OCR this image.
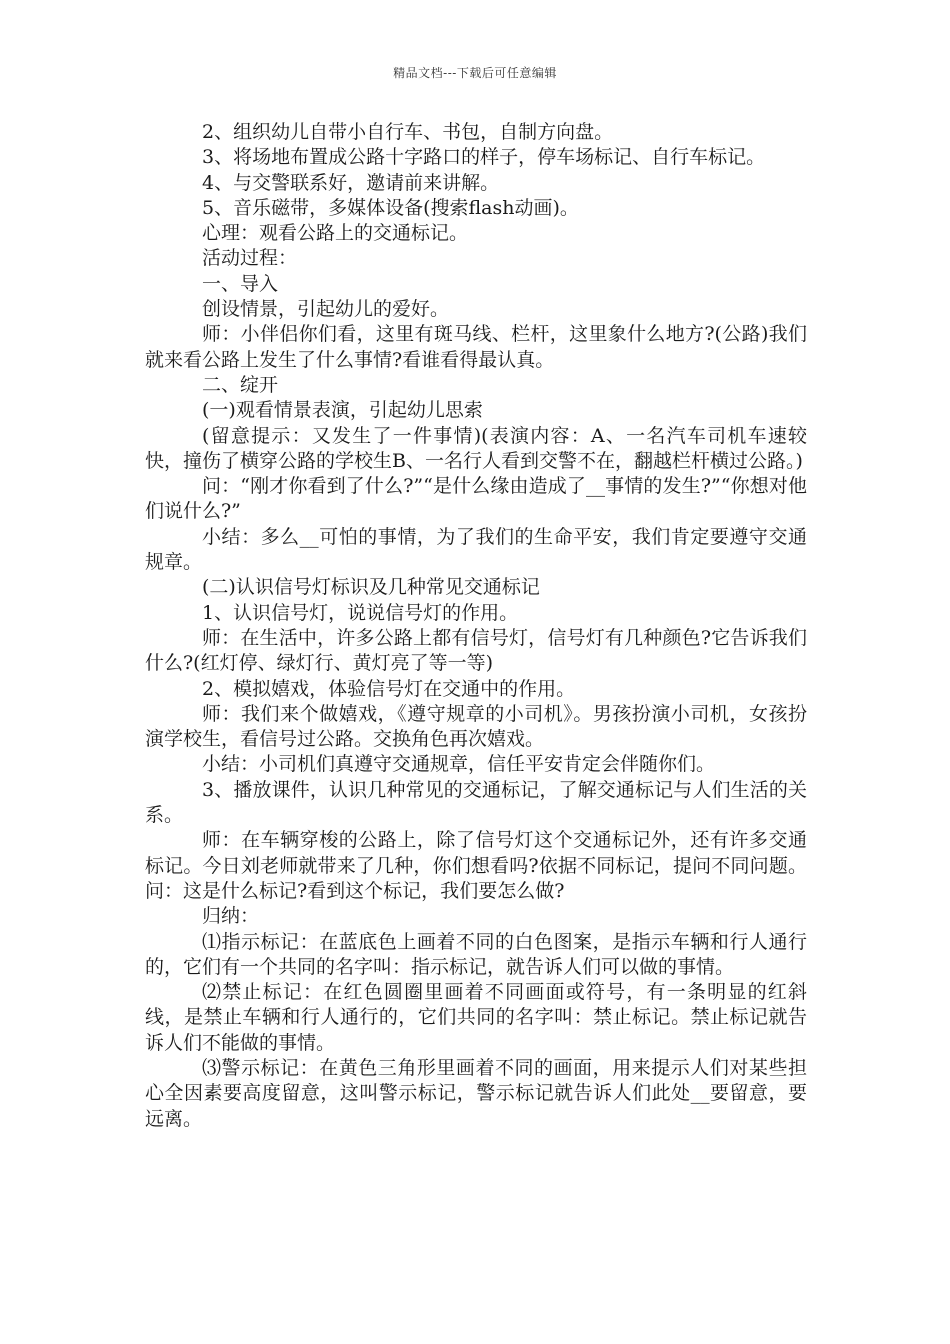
精品文档---下载后可任意编辑

2、组织幼儿自带小自行车、书包，自制方向盘。

3、将场地布置成公路十字路口的样子，停车场标记、自行车标记。

4、与交警联系好，邀请前来讲解。

5、音乐磁带，多媒体设备(搜索flash动画)。

心理：观看公路上的交通标记。

活动过程：

一、导入

创设情景，引起幼儿的爱好。

师：小伴侣你们看，这里有斑马线、栏杆，这里象什么地方?(公路)我们就来看公路上发生了什么事情?看谁看得最认真。

二、绽开

(一)观看情景表演，引起幼儿思索

(留意提示：又发生了一件事情)(表演内容：A、一名汽车司机车速较快，撞伤了横穿公路的学校生B、一名行人看到交警不在，翻越栏杆横过公路。)

问：“刚才你看到了什么?”“是什么缘由造成了__事情的发生?”“你想对他们说什么?”

小结：多么__可怕的事情，为了我们的生命平安，我们肯定要遵守交通规章。

(二)认识信号灯标识及几种常见交通标记

1、认识信号灯，说说信号灯的作用。

师：在生活中，许多公路上都有信号灯，信号灯有几种颜色?它告诉我们什么?(红灯停、绿灯行、黄灯亮了等一等)

2、模拟嬉戏，体验信号灯在交通中的作用。

师：我们来个做嬉戏，《遵守规章的小司机》。男孩扮演小司机，女孩扮演学校生，看信号过公路。交换角色再次嬉戏。

小结：小司机们真遵守交通规章，信任平安肯定会伴随你们。

3、播放课件，认识几种常见的交通标记，了解交通标记与人们生活的关系。

师：在车辆穿梭的公路上，除了信号灯这个交通标记外，还有许多交通标记。今日刘老师就带来了几种，你们想看吗?依据不同标记，提问不同问题。问：这是什么标记?看到这个标记，我们要怎么做?

归纳：

⑴指示标记：在蓝底色上画着不同的白色图案，是指示车辆和行人通行的，它们有一个共同的名字叫：指示标记，就告诉人们可以做的事情。

⑵禁止标记：在红色圆圈里画着不同画面或符号，有一条明显的红斜线，是禁止车辆和行人通行的，它们共同的名字叫：禁止标记。禁止标记就告诉人们不能做的事情。

⑶警示标记：在黄色三角形里画着不同的画面，用来提示人们对某些担心全因素要高度留意，这叫警示标记，警示标记就告诉人们此处__要留意，要远离。
